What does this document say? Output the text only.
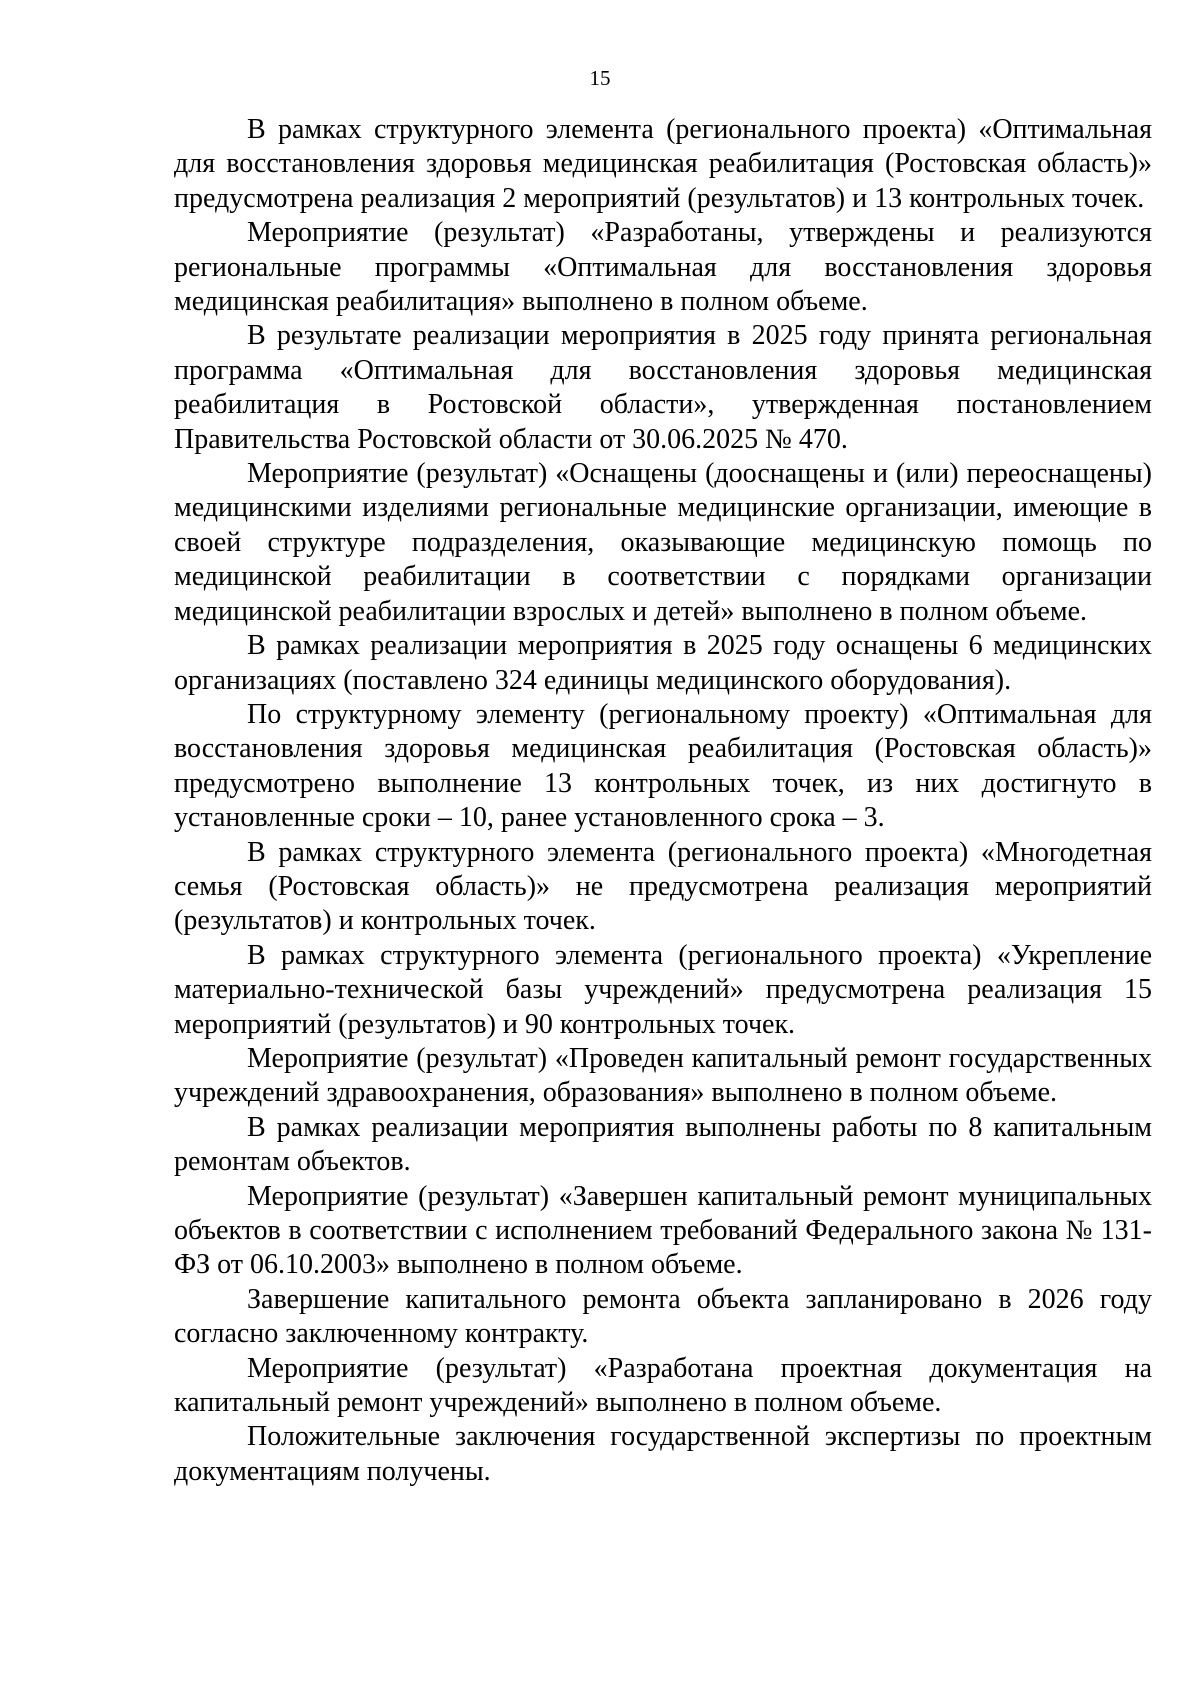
15

В рамках структурного элемента (регионального проекта) «Оптимальная для восстановления здоровья медицинская реабилитация (Ростовская область)» предусмотрена реализация 2 мероприятий (результатов) и 13 контрольных точек.

Мероприятие (результат) «Разработаны, утверждены и реализуются региональные программы «Оптимальная для восстановления здоровья медицинская реабилитация» выполнено в полном объеме.

В результате реализации мероприятия в 2025 году принята региональная программа «Оптимальная для восстановления здоровья медицинская реабилитация в Ростовской области», утвержденная постановлением Правительства Ростовской области от 30.06.2025 № 470.

Мероприятие (результат) «Оснащены (дооснащены и (или) переоснащены) медицинскими изделиями региональные медицинские организации, имеющие в своей структуре подразделения, оказывающие медицинскую помощь по медицинской реабилитации в соответствии с порядками организации медицинской реабилитации взрослых и детей» выполнено в полном объеме.

В рамках реализации мероприятия в 2025 году оснащены 6 медицинских организациях (поставлено 324 единицы медицинского оборудования).

По структурному элементу (региональному проекту) «Оптимальная для восстановления здоровья медицинская реабилитация (Ростовская область)» предусмотрено выполнение 13 контрольных точек, из них достигнуто в установленные сроки – 10, ранее установленного срока – 3.

В рамках структурного элемента (регионального проекта) «Многодетная семья (Ростовская область)» не предусмотрена реализация мероприятий (результатов) и контрольных точек.

В рамках структурного элемента (регионального проекта) «Укрепление материально-технической базы учреждений» предусмотрена реализация 15 мероприятий (результатов) и 90 контрольных точек.

Мероприятие (результат) «Проведен капитальный ремонт государственных учреждений здравоохранения, образования» выполнено в полном объеме.

В рамках реализации мероприятия выполнены работы по 8 капитальным ремонтам объектов.

Мероприятие (результат) «Завершен капитальный ремонт муниципальных объектов в соответствии с исполнением требований Федерального закона № 131-ФЗ от 06.10.2003» выполнено в полном объеме.

Завершение капитального ремонта объекта запланировано в 2026 году согласно заключенному контракту.

Мероприятие (результат) «Разработана проектная документация на капитальный ремонт учреждений» выполнено в полном объеме.

Положительные заключения государственной экспертизы по проектным документациям получены.
